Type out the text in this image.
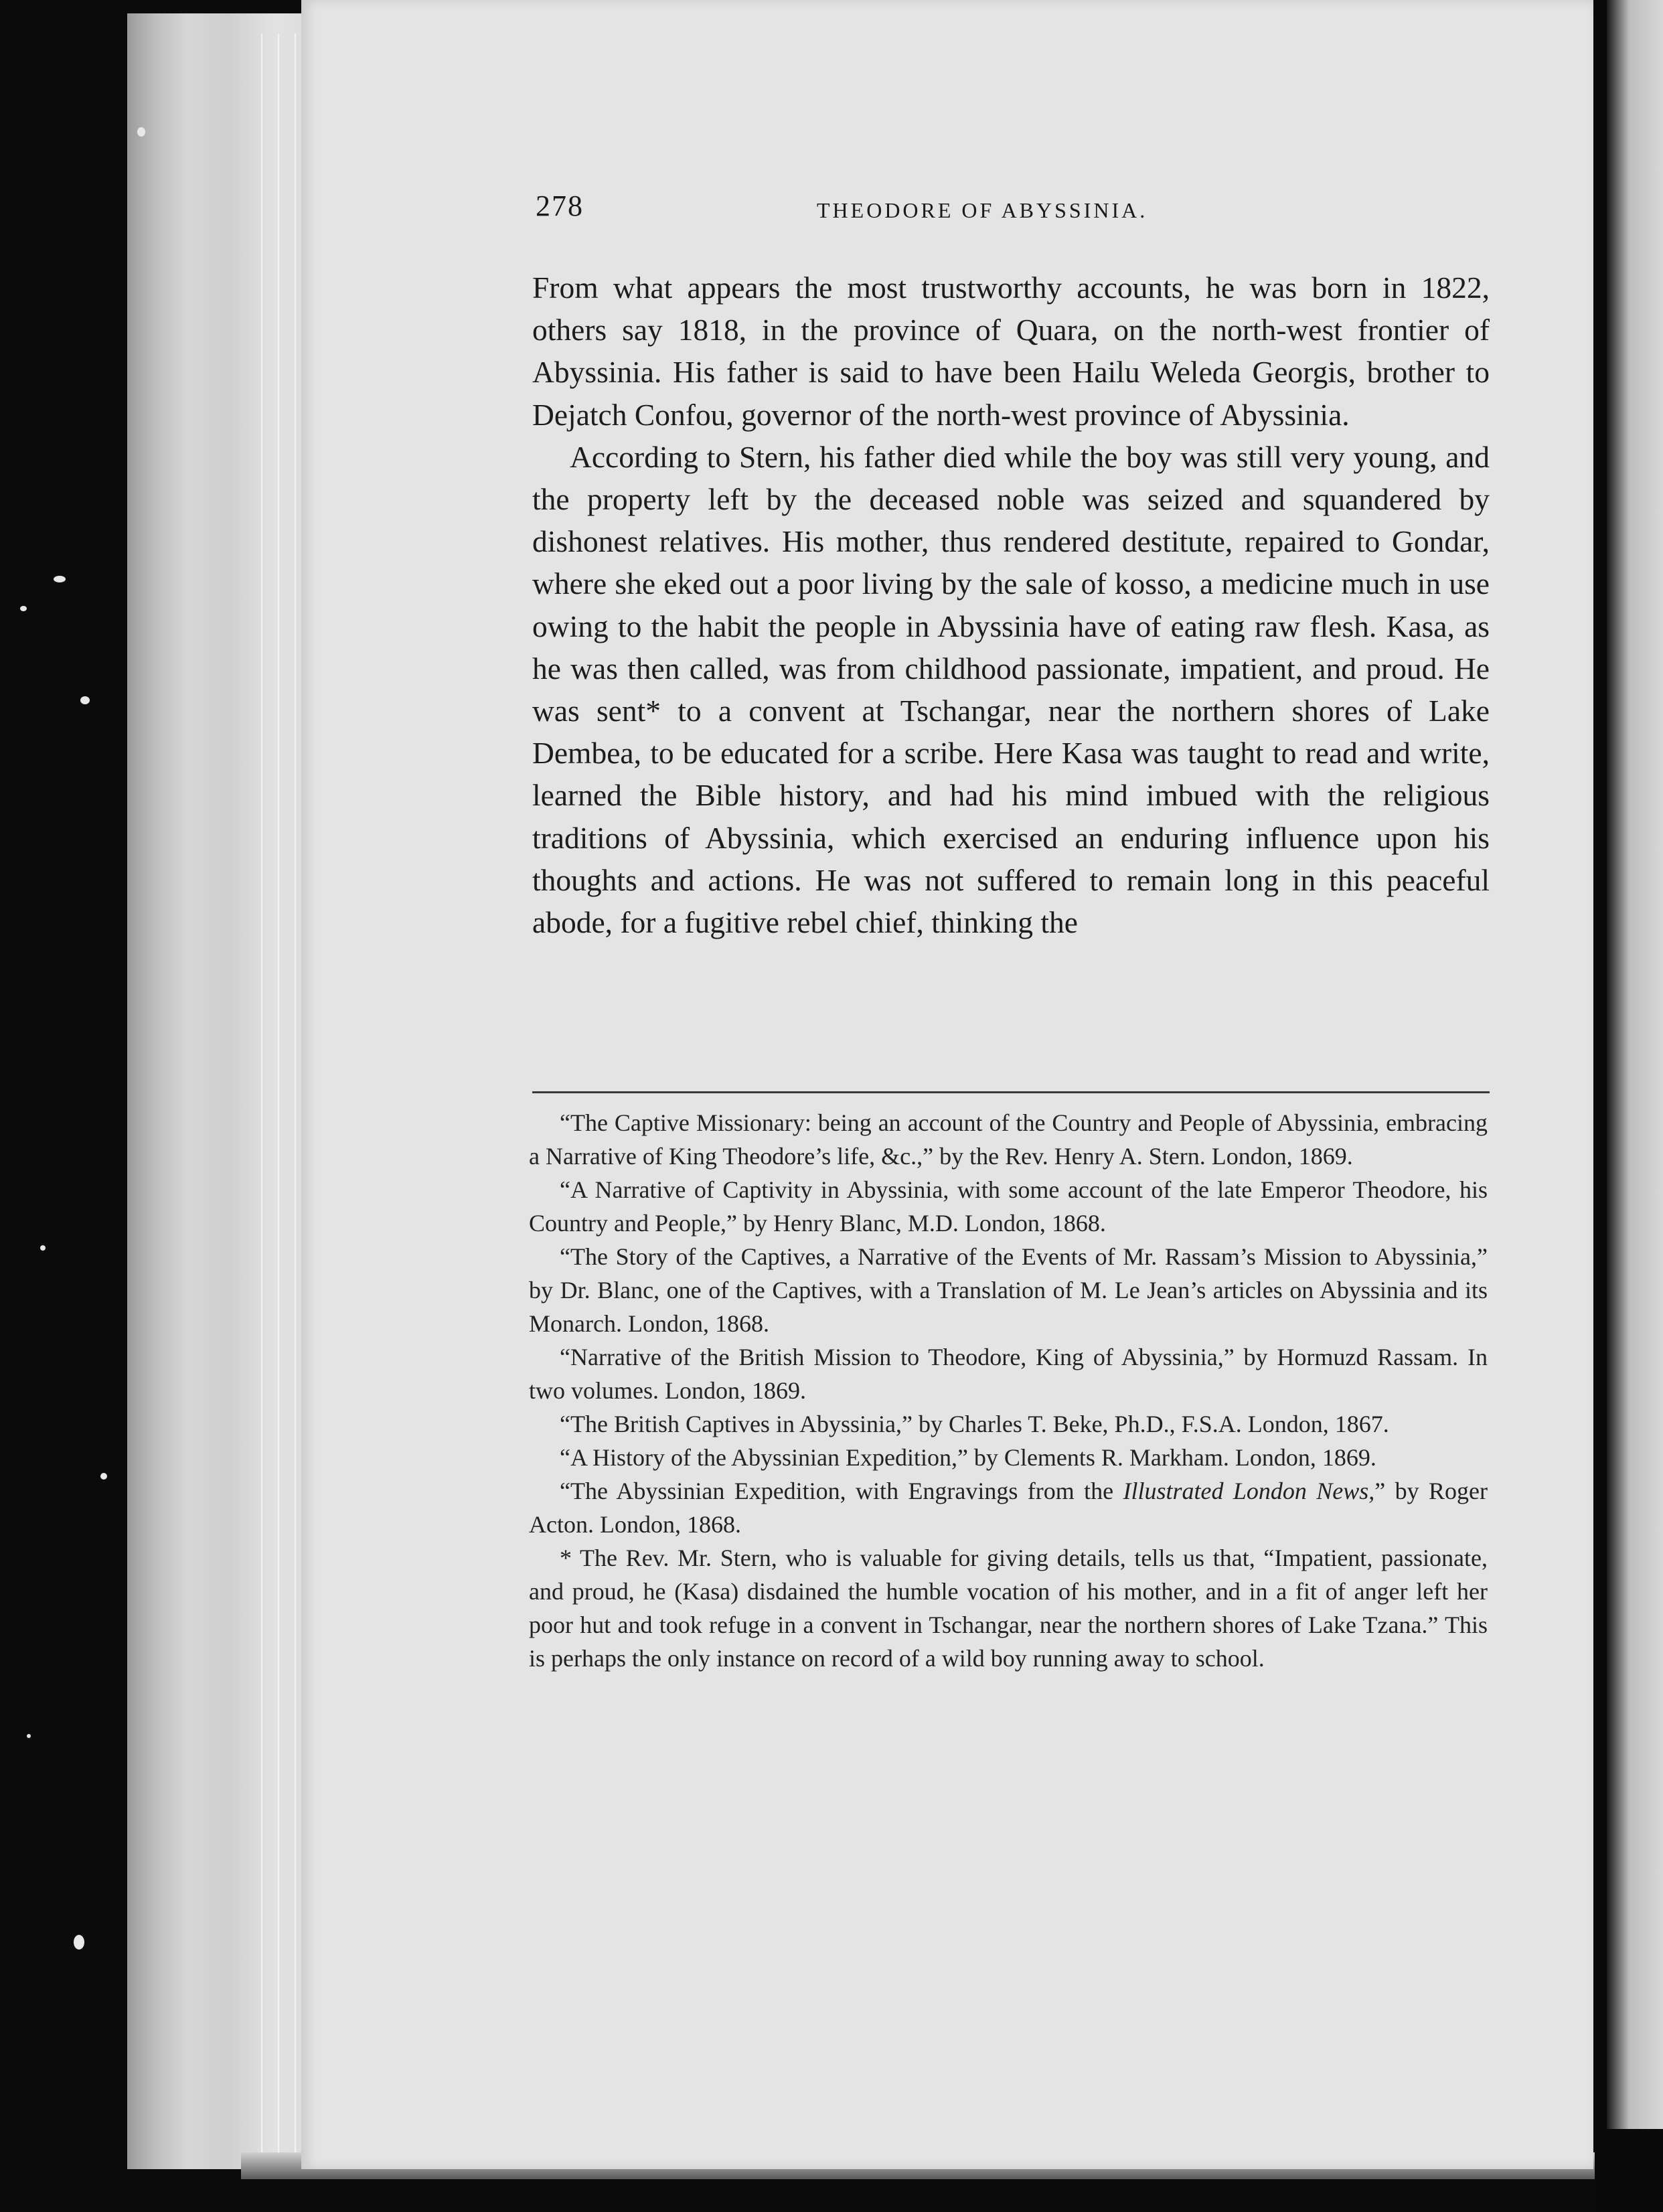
278	THEODORE OF ABYSSINIA.

From what appears the most trustworthy accounts, he was born in 1822, others say 1818, in the province of Quara, on the north-west frontier of Abyssinia. His father is said to have been Hailu Weleda Georgis, brother to Dejatch Confou, governor of the north-west province of Abyssinia.

According to Stern, his father died while the boy was still very young, and the property left by the deceased noble was seized and squandered by dishonest relatives. His mother, thus rendered destitute, repaired to Gondar, where she eked out a poor living by the sale of kosso, a medicine much in use owing to the habit the people in Abyssinia have of eating raw flesh. Kasa, as he was then called, was from childhood passionate, impatient, and proud. He was sent* to a convent at Tschangar, near the northern shores of Lake Dembea, to be educated for a scribe. Here Kasa was taught to read and write, learned the Bible history, and had his mind imbued with the religious traditions of Abyssinia, which exercised an enduring influence upon his thoughts and actions. He was not suffered to remain long in this peaceful abode, for a fugitive rebel chief, thinking the

“The Captive Missionary: being an account of the Country and People of Abyssinia, embracing a Narrative of King Theodore’s life, &c.,” by the Rev. Henry A. Stern. London, 1869.

“A Narrative of Captivity in Abyssinia, with some account of the late Emperor Theodore, his Country and People,” by Henry Blanc, M.D. London, 1868.

“The Story of the Captives, a Narrative of the Events of Mr. Rassam’s Mission to Abyssinia,” by Dr. Blanc, one of the Captives, with a Translation of M. Le Jean’s articles on Abyssinia and its Monarch. London, 1868.

“Narrative of the British Mission to Theodore, King of Abyssinia,” by Hormuzd Rassam. In two volumes. London, 1869.

“The British Captives in Abyssinia,” by Charles T. Beke, Ph.D., F.S.A. London, 1867.

“A History of the Abyssinian Expedition,” by Clements R. Markham. London, 1869.

“The Abyssinian Expedition, with Engravings from the Illustrated London News,” by Roger Acton. London, 1868.

* The Rev. Mr. Stern, who is valuable for giving details, tells us that, “Impatient, passionate, and proud, he (Kasa) disdained the humble vocation of his mother, and in a fit of anger left her poor hut and took refuge in a convent in Tschangar, near the northern shores of Lake Tzana.” This is perhaps the only instance on record of a wild boy running away to school.
